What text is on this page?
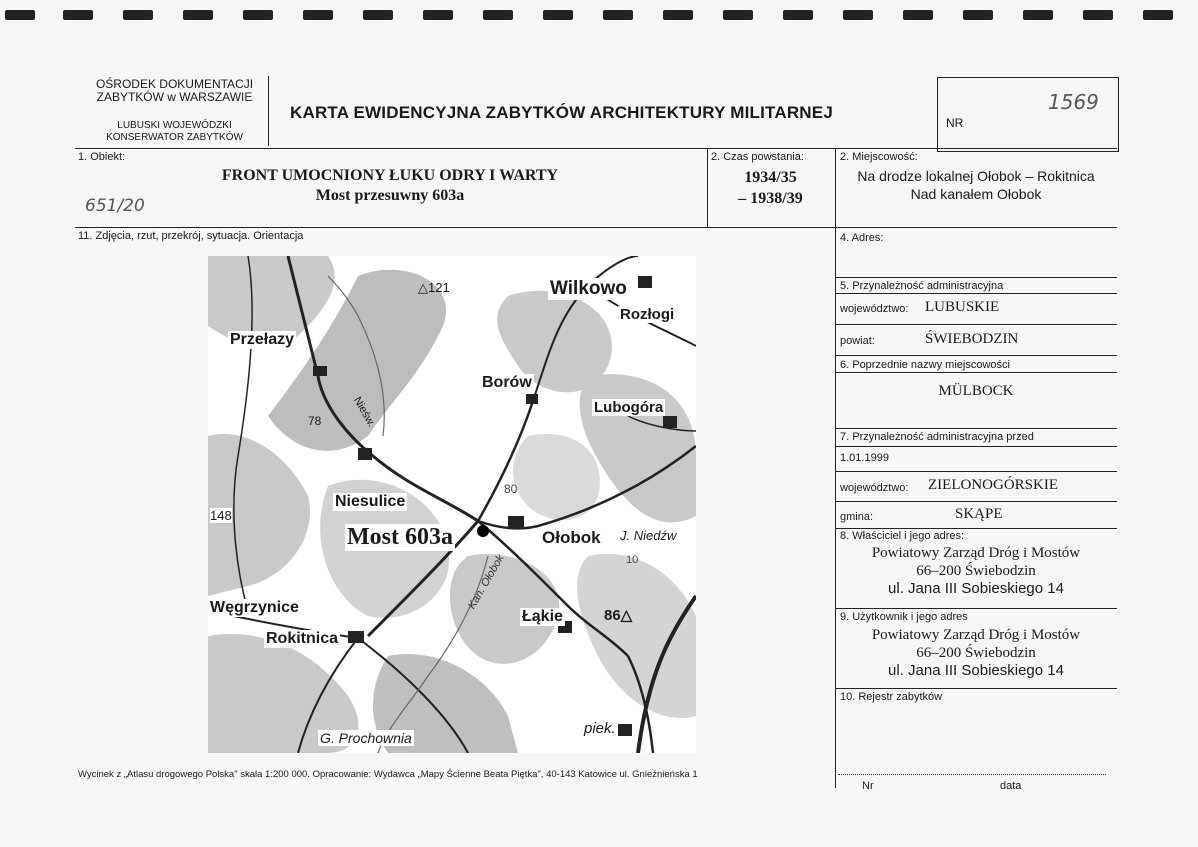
OŚRODEK DOKUMENTACJI
ZABYTKÓW w WARSZAWIE
LUBUSKI WOJEWÓDZKI
KONSERWATOR ZABYTKÓW
KARTA EWIDENCYJNA ZABYTKÓW ARCHITEKTURY MILITARNEJ
NR
1569
1. Obiekt:
FRONT UMOCNIONY ŁUKU ODRY I WARTY
Most przesuwny 603a
651/20
2. Czas powstania:
1934/35
– 1938/39
2. Miejscowość:
Na drodze lokalnej Ołobok – Rokitnica
Nad kanałem Ołobok
11. Zdjęcia, rzut, przekrój, sytuacja. Orientacja
Wilkowo
Rozłogi
△121
Przełazy
Borów
Lubogóra
78	Nieśw.
80
Niesulice
148
Most 603a	Ołobok J. Niedźw
10
Węgrzynice
Łąkie	86△
Kan. Ołobok
Rokitnica
piek.
G. Prochownia
Wycinek z „Atlasu drogowego Polska" skala 1:200 000. Opracowanie: Wydawca „Mapy Ścienne Beata Piętka", 40-143 Katowice ul. Gnieźnieńska 1
4. Adres:
5. Przynależność administracyjna
województwo: LUBUSKIE
powiat:	ŚWIEBODZIN
6. Poprzednie nazwy miejscowości
MÜLBOCK
7. Przynależność administracyjna przed
1.01.1999
województwo: ZIELONOGÓRSKIE
gmina:	SKĄPE
8. Właściciel i jego adres:
Powiatowy Zarząd Dróg i Mostów
66–200 Świebodzin
ul. Jana III Sobieskiego 14
9. Użytkownik i jego adres
Powiatowy Zarząd Dróg i Mostów
66–200 Świebodzin
ul. Jana III Sobieskiego 14
10. Rejestr zabytków
Nr	data
